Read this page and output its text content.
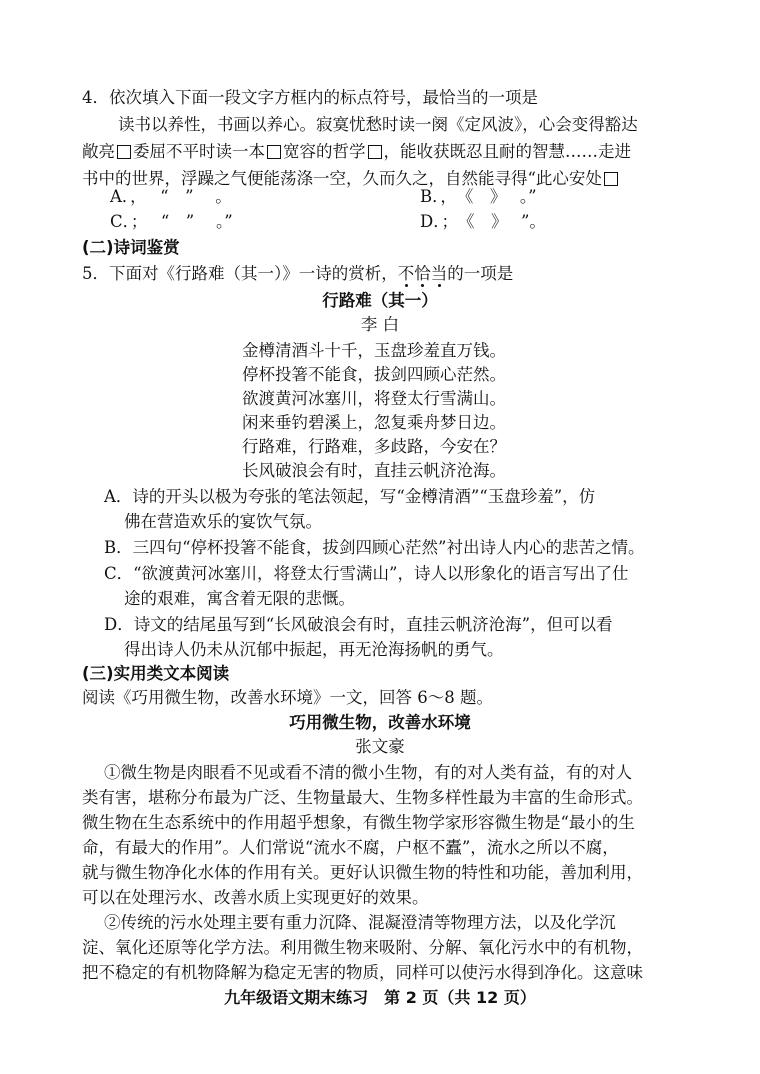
4．依次填入下面一段文字方框内的标点符号，最恰当的一项是
读书以养性，书画以养心。寂寞忧愁时读一阕《定风波》，心会变得豁达
敞亮 委屈不平时读一本 宽容的哲学 ，能收获既忍且耐的智慧……走进
书中的世界，浮躁之气便能荡涤一空，久而久之，自然能寻得“此心安处
A．，　 “　”　 。	B．，　《　》　 。”
C．；　 “　”　 。”	D．；　《　》　 ”。
(二)诗词鉴赏
5．下面对《行路难（其一）》一诗的赏析，不恰当的一项是
行路难（其一）
李 白
金樽清酒斗十千，玉盘珍羞直万钱。
停杯投箸不能食，拔剑四顾心茫然。
欲渡黄河冰塞川，将登太行雪满山。
闲来垂钓碧溪上，忽复乘舟梦日边。
行路难，行路难，多歧路，今安在？
长风破浪会有时，直挂云帆济沧海。
A．诗的开头以极为夸张的笔法领起，写“金樽清酒”“玉盘珍羞”，仿
佛在营造欢乐的宴饮气氛。
B．三四句“停杯投箸不能食，拔剑四顾心茫然”衬出诗人内心的悲苦之情。
C．“欲渡黄河冰塞川，将登太行雪满山”，诗人以形象化的语言写出了仕
途的艰难，寓含着无限的悲慨。
D．诗文的结尾虽写到“长风破浪会有时，直挂云帆济沧海”，但可以看
得出诗人仍未从沉郁中振起，再无沧海扬帆的勇气。
(三)实用类文本阅读
阅读《巧用微生物，改善水环境》一文，回答 6～8 题。
巧用微生物，改善水环境
张文豪
①微生物是肉眼看不见或看不清的微小生物，有的对人类有益，有的对人
类有害，堪称分布最为广泛、生物量最大、生物多样性最为丰富的生命形式。
微生物在生态系统中的作用超乎想象，有微生物学家形容微生物是“最小的生
命，有最大的作用”。人们常说“流水不腐，户枢不蠹”，流水之所以不腐，
就与微生物净化水体的作用有关。更好认识微生物的特性和功能，善加利用，
可以在处理污水、改善水质上实现更好的效果。
②传统的污水处理主要有重力沉降、混凝澄清等物理方法，以及化学沉
淀、氧化还原等化学方法。利用微生物来吸附、分解、氧化污水中的有机物，
把不稳定的有机物降解为稳定无害的物质，同样可以使污水得到净化。这意味
九年级语文期末练习　第 2 页（共 12 页）
